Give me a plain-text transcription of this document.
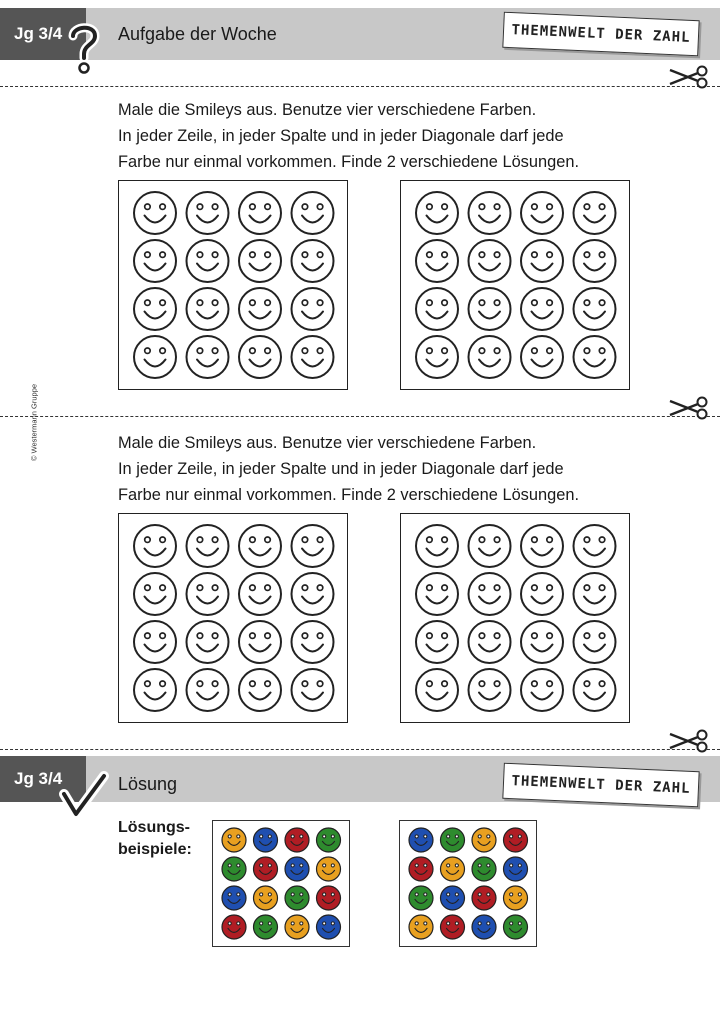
Jg 3/4	Aufgabe der Woche	THEMENWELT DER ZAHL
Male die Smileys aus. Benutze vier verschiedene Farben.
In jeder Zeile, in jeder Spalte und in jeder Diagonale darf jede
Farbe nur einmal vorkommen. Finde 2 verschiedene Lösungen.
© Westermann Gruppe	Male die Smileys aus. Benutze vier verschiedene Farben.
In jeder Zeile, in jeder Spalte und in jeder Diagonale darf jede
Farbe nur einmal vorkommen. Finde 2 verschiedene Lösungen.
Jg 3/4	Lösung	THEMENWELT DER ZAHL
Lösungs-
beispiele:
